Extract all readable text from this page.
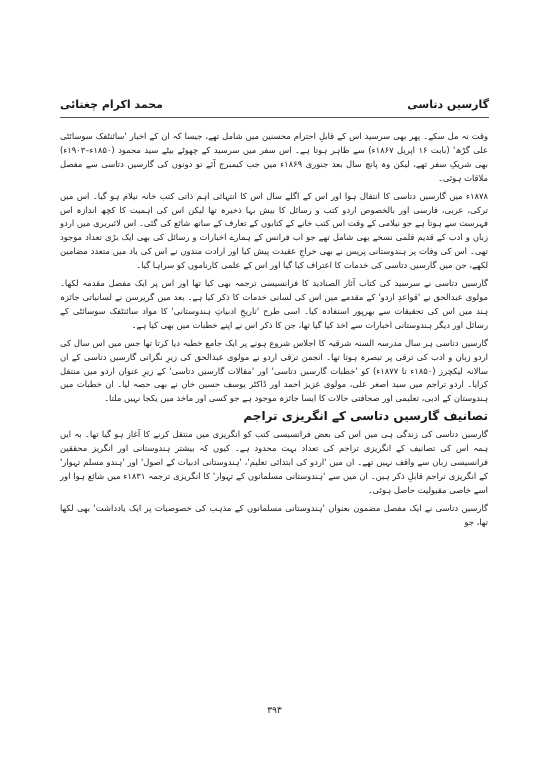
گارسیں دتاسی
محمد اکرام چغتائی

وقت نہ مل سکے۔ پھر بھی سرسید اس کے قابلِ احترام محسنین میں شامل تھے، جیسا کہ ان کے اخبار 'سائنٹفک سوسائٹی علی گڑھ' (بابت ۱۶ اپریل ۱۸۶۷ء) سے ظاہر ہوتا ہے۔ اس سفر میں سرسید کے چھوٹے بیٹے سید محمود (۱۸۵۰ء–۱۹۰۳ء) بھی شریکِ سفر تھے، لیکن وہ پانچ سال بعد جنوری ۱۸۶۹ء میں جب کیمبرج آئے تو دونوں کی گارسیں دتاسی سے مفصل ملاقات ہوئی۔

۱۸۷۸ء میں گارسیں دتاسی کا انتقال ہوا اور اس کے اگلے سال اس کا انتہائی اہم ذاتی کتب خانہ نیلام ہو گیا۔ اس میں ترکی، عربی، فارسی اور بالخصوص اردو کتب و رسائل کا بیش بہا ذخیرہ تھا لیکن اس کی اہمیت کا کچھ اندازہ اس فہرست سے ہوتا ہے جو نیلامی کے وقت اس کتب خانے کے کتابوں کے تعارف کے ساتھ شائع کی گئی۔ اس لائبریری میں اردو زبان و ادب کے قدیم قلمی نسخے بھی شامل تھے جو اب فرانس کے ہمارے اخبارات و رسائل کی بھی ایک بڑی تعداد موجود تھی۔ اس کی وفات پر ہندوستانی پریس نے بھی خراجِ عقیدت پیش کیا اور ارادت مندوں نے اس کی یاد میں متعدد مضامین لکھے، جن میں گارسیں دتاسی کی خدمات کا اعتراف کیا گیا اور اس کے علمی کارناموں کو سراہا گیا۔

گارسیں دتاسی نے سرسید کی کتاب آثار الصنادید کا فرانسیسی ترجمہ بھی کیا تھا اور اس پر ایک مفصل مقدمہ لکھا۔ مولوی عبدالحق نے 'قواعدِ اردو' کے مقدمے میں اس کی لسانی خدمات کا ذکر کیا ہے۔ بعد میں گریرسن نے لسانیاتی جائزہ ہند میں اس کی تحقیقات سے بھرپور استفادہ کیا۔ اسی طرح 'تاریخِ ادبیاتِ ہندوستانی' کا مواد سائنٹفک سوسائٹی کے رسائل اور دیگر ہندوستانی اخبارات سے اخذ کیا گیا تھا، جن کا ذکر اس نے اپنے خطبات میں بھی کیا ہے۔

گارسیں دتاسی ہر سال مدرسہ السنہ شرقیہ کا اجلاس شروع ہونے پر ایک جامع خطبہ دیا کرتا تھا جس میں اس سال کی اردو زبان و ادب کی ترقی پر تبصرہ ہوتا تھا۔ انجمن ترقی اردو نے مولوی عبدالحق کی زیرِ نگرانی گارسیں دتاسی کے ان سالانہ لیکچرز (۱۸۵۰ء تا ۱۸۷۷ء) کو 'خطبات گارسیں دتاسی' اور 'مقالات گارسیں دتاسی' کے زیرِ عنوان اردو میں منتقل کرایا۔ اردو تراجم میں سید اصغر علی، مولوی عزیز احمد اور ڈاکٹر یوسف حسین خاں نے بھی حصہ لیا۔ ان خطبات میں ہندوستان کے ادبی، تعلیمی اور صحافتی حالات کا ایسا جائزہ موجود ہے جو کسی اور ماخذ میں یکجا نہیں ملتا۔

تصانیف گارسیں دتاسی کے انگریزی تراجم

گارسیں دتاسی کی زندگی ہی میں اس کی بعض فرانسیسی کتب کو انگریزی میں منتقل کرنے کا آغاز ہو گیا تھا۔ بہ ایں ہمہ اس کی تصانیف کے انگریزی تراجم کی تعداد بہت محدود ہے۔ کیوں کہ بیشتر ہندوستانی اور انگریز محققین فرانسیسی زبان سے واقف نہیں تھے۔ ان میں 'اردو کی ابتدائی تعلیم'، 'ہندوستانی ادبیات کے اصول' اور 'ہندو مسلم تہوار' کے انگریزی تراجم قابلِ ذکر ہیں۔ ان میں سے 'ہندوستانی مسلمانوں کے تہوار' کا انگریزی ترجمہ ۱۸۳۱ء میں شائع ہوا اور اسے خاصی مقبولیت حاصل ہوئی۔

گارسیں دتاسی نے ایک مفصل مضمون بعنوان 'ہندوستانی مسلمانوں کے مذہب کی خصوصیات پر ایک یادداشت' بھی لکھا تھا، جو

۳۹۳
